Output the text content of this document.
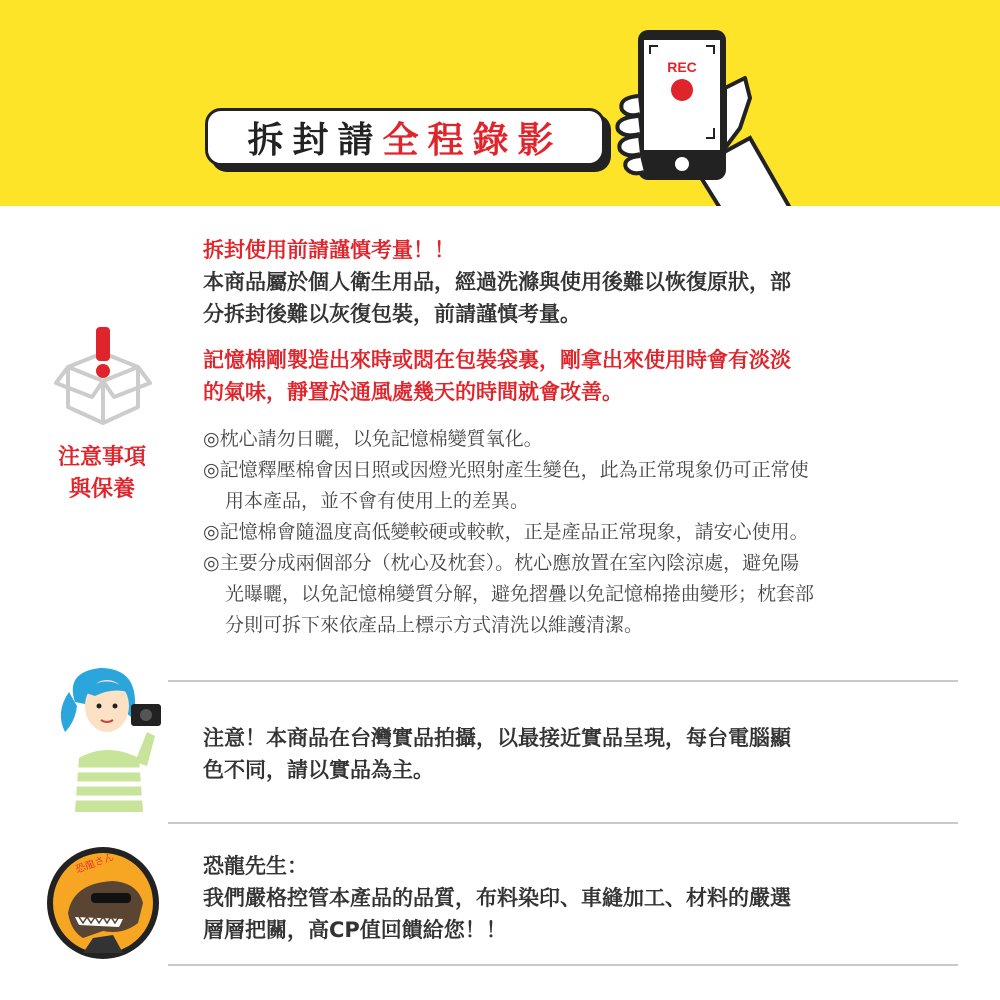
拆封請 全程錄影
REC
拆封使用前請謹慎考量！！
本商品屬於個人衛生用品，經過洗滌與使用後難以恢復原狀，部
分拆封後難以灰復包裝，前請謹慎考量。
記憶棉剛製造出來時或悶在包裝袋裏，剛拿出來使用時會有淡淡
的氣味，靜置於通風處幾天的時間就會改善。
注意事項
與保養

◎枕心請勿日曬，以免記憶棉變質氧化。

◎記憶釋壓棉會因日照或因燈光照射產生變色，此為正常現象仍可正常使

用本產品，並不會有使用上的差異。

◎記憶棉會隨溫度高低變較硬或較軟，正是產品正常現象，請安心使用。

◎主要分成兩個部分（枕心及枕套）。枕心應放置在室內陰涼處，避免陽

光曝曬，以免記憶棉變質分解，避免摺疊以免記憶棉捲曲變形；枕套部

分則可拆下來依產品上標示方式清洗以維護清潔。

注意！本商品在台灣實品拍攝，以最接近實品呈現，每台電腦顯
色不同，請以實品為主。
恐龍さん	恐龍先生：
我們嚴格控管本產品的品質，布料染印、車縫加工、材料的嚴選
層層把關，高CP值回饋給您！！
